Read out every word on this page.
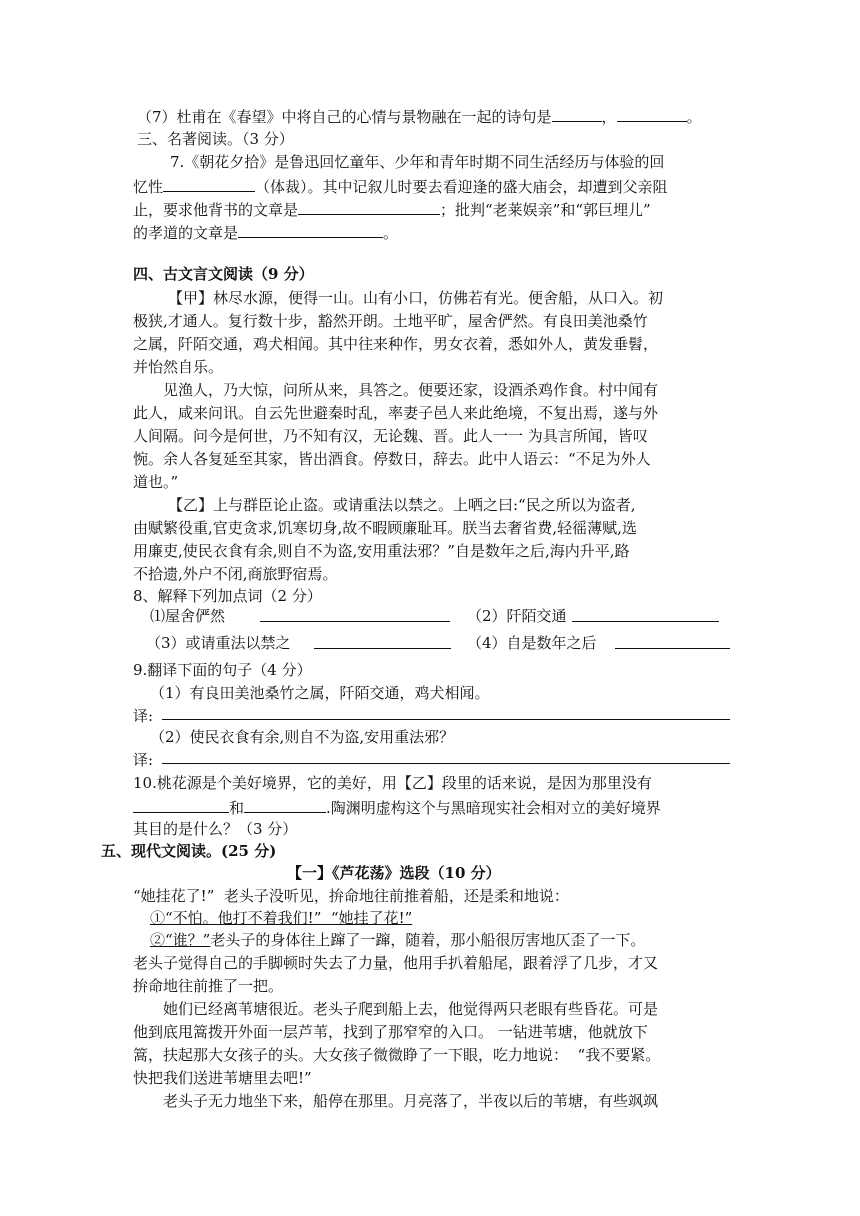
（7）杜甫在《春望》中将自己的心情与景物融在一起的诗句是	，	。
三、名著阅读。（3 分）
7.《朝花夕拾》是鲁迅回忆童年、少年和青年时期不同生活经历与体验的回
忆性	（体裁）。其中记叙儿时要去看迎逢的盛大庙会，却遭到父亲阻
止，要求他背书的文章是	；批判“老莱娱亲”和“郭巨埋儿”
的孝道的文章是	。
四、古文言文阅读（9 分）
【甲】林尽水源，便得一山。山有小口，仿佛若有光。便舍船，从口入。初
极狭,才通人。复行数十步，豁然开朗。土地平旷，屋舍俨然。有良田美池桑竹
之属，阡陌交通，鸡犬相闻。其中往来种作，男女衣着，悉如外人，黄发垂髫，
并怡然自乐。
见渔人，乃大惊，问所从来，具答之。便要还家，设酒杀鸡作食。村中闻有
此人，咸来问讯。自云先世避秦时乱，率妻子邑人来此绝境，不复出焉，遂与外
人间隔。问今是何世，乃不知有汉，无论魏、晋。此人一一 为具言所闻，皆叹
惋。余人各复延至其家，皆出酒食。停数日，辞去。此中人语云：“不足为外人
道也。”
【乙】上与群臣论止盗。或请重法以禁之。上哂之曰:“民之所以为盗者,
由赋繁役重,官吏贪求,饥寒切身,故不暇顾廉耻耳。朕当去奢省费,轻徭薄赋,选
用廉吏,使民衣食有余,则自不为盗,安用重法邪？”自是数年之后,海内升平,路
不拾遗,外户不闭,商旅野宿焉。
8、解释下列加点词（2 分）
⑴屋舍俨然	（2）阡陌交通
（3）或请重法以禁之	（4）自是数年之后
9.翻译下面的句子（4 分）
（1）有良田美池桑竹之属，阡陌交通，鸡犬相闻。
译:
（2）使民衣食有余,则自不为盗,安用重法邪？
译:
10.桃花源是个美好境界，它的美好，用【乙】段里的话来说，是因为那里没有
和	.陶渊明虚构这个与黑暗现实社会相对立的美好境界
其目的是什么？（3 分）
五、现代文阅读。(25 分)
【一】《芦花荡》选段（10 分）
“她挂花了!”  老头子没听见，拚命地往前推着船，还是柔和地说：
①“不怕。他打不着我们!”  “她挂了花!”
②“谁？”老头子的身体往上蹿了一蹿，随着，那小船很厉害地仄歪了一下。
老头子觉得自己的手脚顿时失去了力量，他用手扒着船尾，跟着浮了几步，才又
拚命地往前推了一把。
她们已经离苇塘很近。老头子爬到船上去，他觉得两只老眼有些昏花。可是
他到底甩篙拨开外面一层芦苇，找到了那窄窄的入口。 一钻进苇塘，他就放下
篙，扶起那大女孩子的头。大女孩子微微睁了一下眼，吃力地说：  “我不要紧。
快把我们送进苇塘里去吧!”
老头子无力地坐下来，船停在那里。月亮落了，半夜以后的苇塘，有些飒飒
